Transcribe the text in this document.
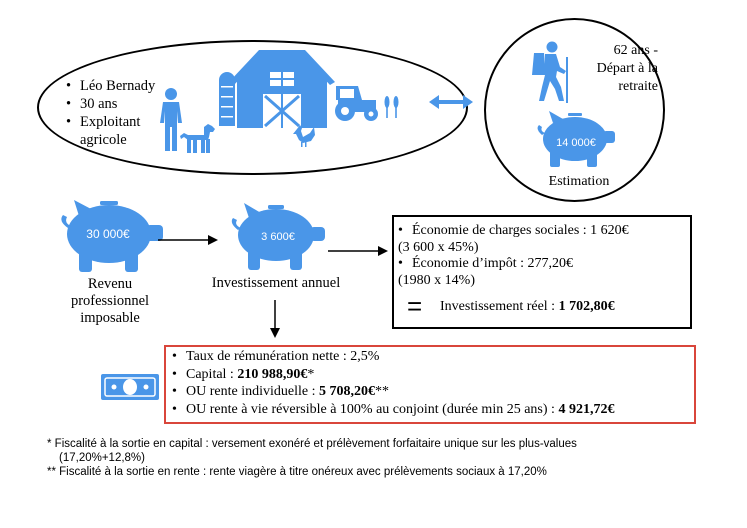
• Léo Bernady
• 30 ans
• Exploitant agricole
62 ans -
Départ à la
retraite
14 000€
Estimation
30 000€
Revenu
professionnel
imposable
3 600€
Investissement annuel
• Économie de charges sociales : 1 620€
(3 600 x 45%)
• Économie d’impôt : 277,20€
(1980 x 14%)
= Investissement réel : 1 702,80€
• Taux de rémunération nette : 2,5%
• Capital : 210 988,90€*
• OU rente individuelle : 5 708,20€**
• OU rente à vie réversible à 100% au conjoint (durée min 25 ans) : 4 921,72€

* Fiscalité à la sortie en capital : versement exonéré et prélèvement forfaitaire unique sur les plus-values

(17,20%+12,8%)

** Fiscalité à la sortie en rente : rente viagère à titre onéreux avec prélèvements sociaux à 17,20%
